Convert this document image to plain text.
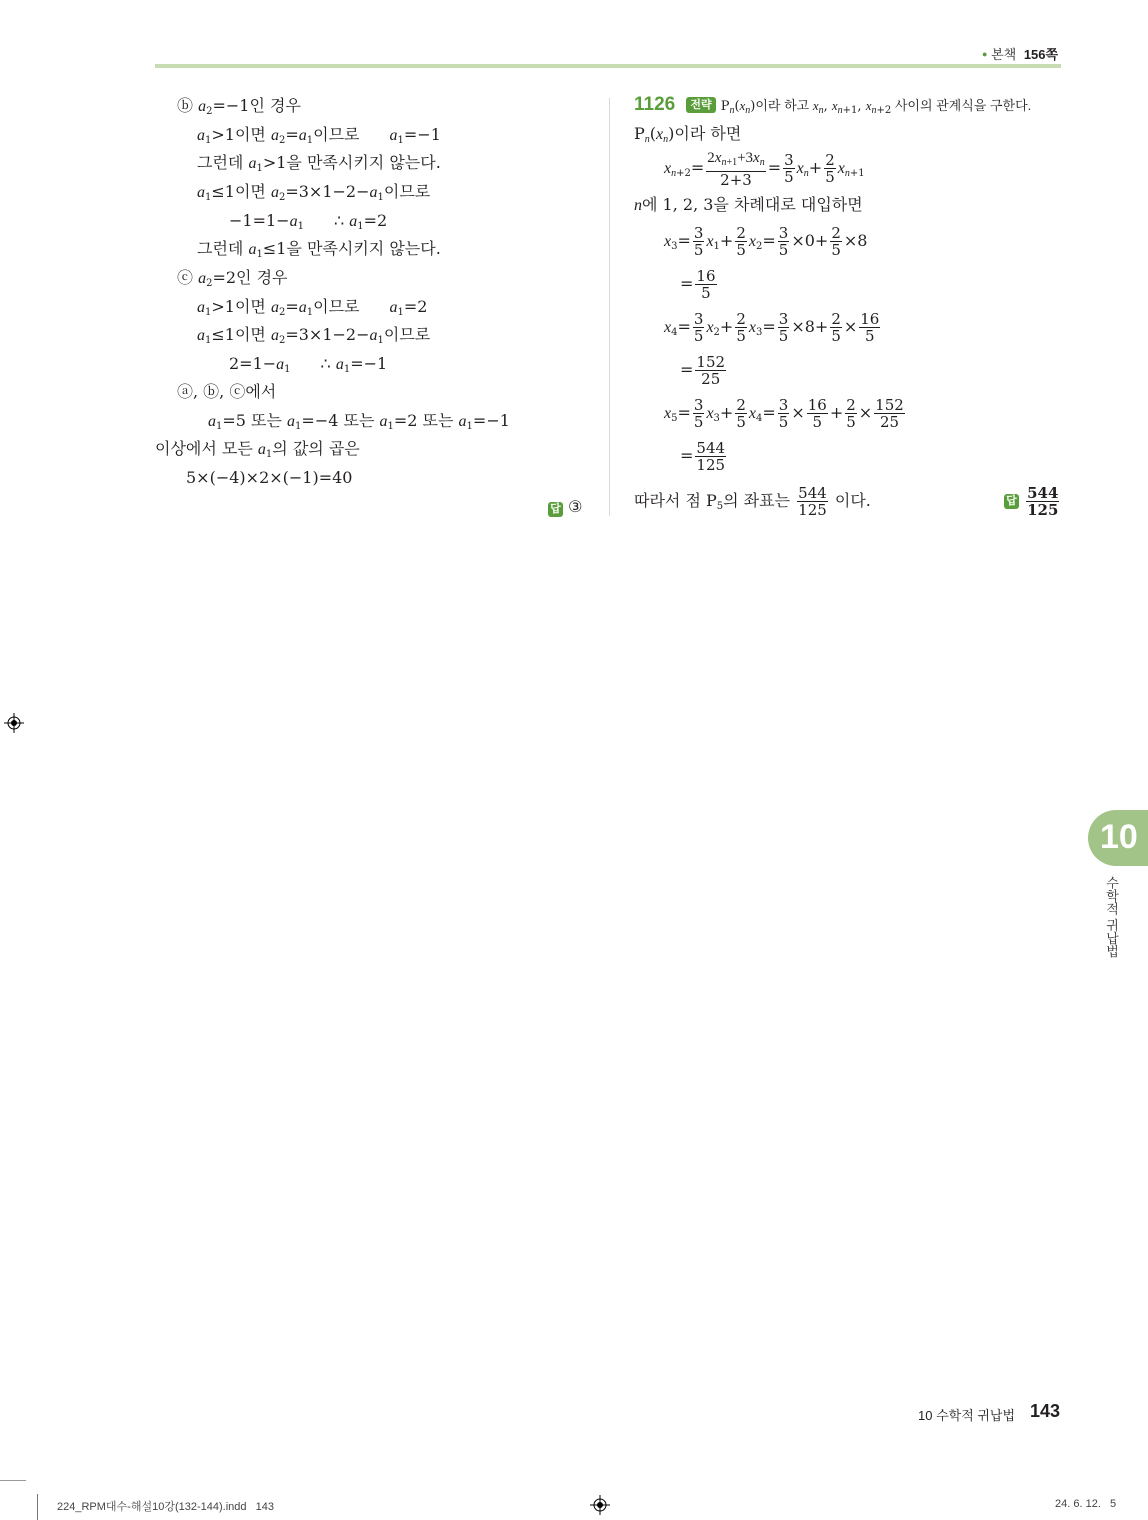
● 본책 156쪽
ⓑ $a_2=-1$인 경우
$a_1>1$이면 $a_2=a_1$이므로 $a_1=-1$
그런데 $a_1>1$을 만족시키지 않는다.
$a_1\le 1$이면 $a_2=3\times 1-2-a_1$이므로
$-1=1-a_1$ ∴ $a_1=2$
그런데 $a_1\le 1$을 만족시키지 않는다.
ⓒ $a_2=2$인 경우
$a_1>1$이면 $a_2=a_1$이므로 $a_1=2$
$a_1\le 1$이면 $a_2=3\times 1-2-a_1$이므로
$2=1-a_1$ ∴ $a_1=-1$
ⓐ, ⓑ, ⓒ에서
$a_1=5$ 또는 $a_1=-4$ 또는 $a_1=2$ 또는 $a_1=-1$
이상에서 모든 $a_1$의 값의 곱은
5×(−4)×2×(−1)=40
답 ③
1126 전략 $P_n(x_n)$이라 하고 $x_n$, $x_{n+1}$, $x_{n+2}$ 사이의 관계식을 구한다.
$P_n(x_n)$이라 하면
$x_{n+2}= \frac{2x_{n+1}+3x_n}{2+3} = \frac{3}{5} x_n+ \frac{2}{5} x_{n+1}$
n에 1, 2, 3을 차례대로 대입하면
$x_3= \frac{3}{5} x_1+ \frac{2}{5} x_2= \frac{3}{5} \times 0+ \frac{2}{5} \times 8$
= $\frac{16}{5}$
$x_4= \frac{3}{5} x_2+ \frac{2}{5} x_3= \frac{3}{5} \times 8+ \frac{2}{5} \times \frac{16}{5}$
= $\frac{152}{25}$
$x_5= \frac{3}{5} x_3+ \frac{2}{5} x_4= \frac{3}{5} \times \frac{16}{5} + \frac{2}{5} \times \frac{152}{25}$
= $\frac{544}{125}$
따라서 점 $P_5$의 좌표는 $\frac{544}{125}$ 이다.	답 $\frac{544}{125}$
10
수학적 귀납법
10 수학적 귀납법 143
224_RPM대수-해설10강(132-144).indd   143	24. 6. 12.   5
